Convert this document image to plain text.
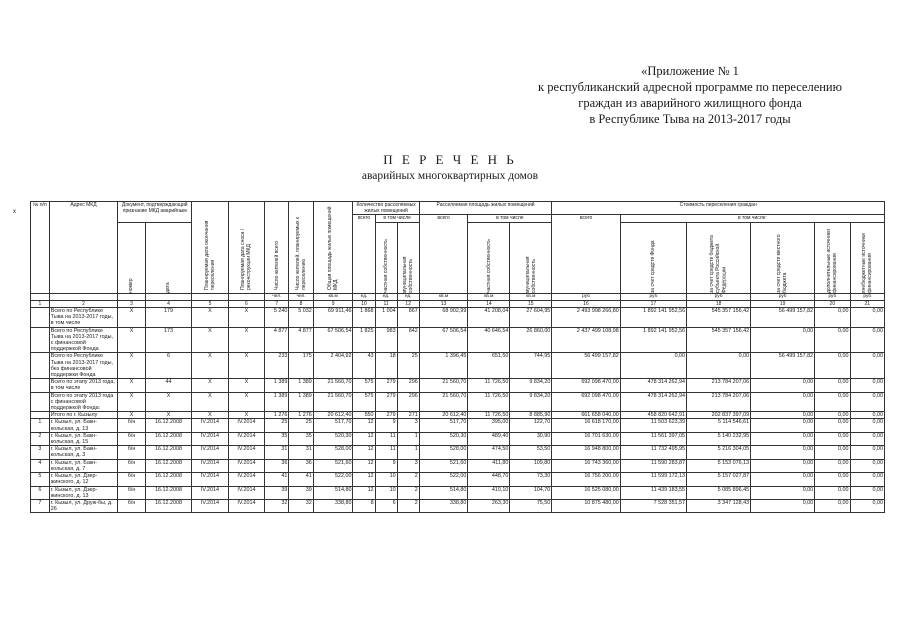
«Приложение № 1
к республиканский адресной программе по переселению
граждан из аварийного жилищного фонда
в Республике Тыва на 2013-2017 годы
П Е Р Е Ч Е Н Ь
аварийных многоквартирных домов
x
№ п/п	Адрес МКД	Документ, подтверждающий признание МКД аварийным		Планируемая дата окончания переселения	Планируемая дата сноса /реконструкции МКД	Число жителей всего	Число жителей, планируемых к переселению	Общая площадь жилых помещений МКД	Количество расселяемых жилых помещений			Расселяемая площадь жилых помещений			Стоимость переселения граждан					
									всего	в том числе		всего	в том числе		всего	в том числе:				

		номер	дата							частная собственность	муниципальная собственность		частная собственность	муниципальная собственность		за счет средств Фонда	за счет средств бюджета субъекта Российской Федерации	за счет средств местного бюджета	дополнительные источники финансирования	внебюджетные источники финансирования

						чел.	чел.	кв.м	ед.	ед.	ед.	кв.м	кв.м	кв.м	руб	руб	руб	руб	руб	руб
1	2	3	4	5	6	7	8	9	10	11	12	13	14	15	16	17	18	19	20	21
	Всего по Республике Тыва на 2013-2017 годы, в том числе	X	179	X	X	5 240	5 032	69 911,46	1 868	1 004	867	68 902,99	41 208,04	27 604,95	2 493 998 266,80	1 892 141 952,56	545 357 156,42	56 499 157,82	0,00	0,00
	Всего по Республике Тыва на 2013-2017 годы, с финансовой поддержкой Фонда	X	173	X	X	4 877	4 877	67 506,54	1 825	983	842	67 506,54	40 646,54	26 860,00	2 437 499 108,98	1 892 141 952,56	545 357 156,42	0,00	0,00	0,00
	Всего по Республике Тыва на 2013-2017 годы, без финансовой поддержки Фонда	X	6	X	X	233	175	2 404,92	43	18	25	1 396,45	651,50	744,95	56 499 157,82	0,00	0,00	56 499 157,82	0,00	0,00
	Всего по этапу 2013 года, в том числе	X	44	X	X	1 389	1 389	21 560,70	575	279	296	21 560,70	11 726,50	9 834,20	692 098 470,00	478 314 262,94	213 784 207,06	0,00	0,00	0,00
	Всего по этапу 2013 года с финансовой поддержкой Фонда:	X	X	X	X	1 389	1 389	21 560,70	575	279	296	21 560,70	11 726,50	9 834,20	692 098 470,00	478 314 262,94	213 784 207,06	0,00	0,00	0,00
	Итого по г. Кызылу	X	X	X	X	1 276	1 276	20 612,40	550	279	271	20 612,40	11 726,50	8 885,90	661 658 040,00	458 820 642,91	202 837 397,09	0,00	0,00	0,00
1	г. Кызыл, ул. Бакн-кольская, д. 13	б/н	16.12.2008	IV.2014	IV.2014	25	25	517,70	12	9	3	517,70	395,00	122,70	16 618 170,00	11 503 623,39	5 114 546,61	0,00	0,00	0,00
2	г. Кызыл, ул. Бакн-кольская, д. 15	б/н	16.12.2008	IV.2014	IV.2014	35	35	520,30	12	11	1	520,30	489,40	30,90	16 701 630,00	11 561 397,05	5 140 232,95	0,00	0,00	0,00
3	г. Кызыл, ул. Бакн-кольская, д. 3	б/н	16.12.2008	IV.2014	IV.2014	31	31	528,00	12	11	1	528,00	474,50	53,50	16 948 800,00	11 732 495,95	5 216 304,05	0,00	0,00	0,00
4	г. Кызыл, ул. Бакн-кольская, д. 7	б/н	16.12.2008	IV.2014	IV.2014	36	36	521,60	12	9	3	521,60	411,80	109,80	16 743 360,00	11 590 283,87	5 153 076,13	0,00	0,00	0,00
5	г. Кызыл, ул. Дзер-жинского, д. 12	б/н	16.12.2008	IV.2014	IV.2014	41	41	522,00	12	10	2	522,00	448,70	73,30	16 756 200,00	11 599 172,13	5 157 027,87	0,00	0,00	0,00
6	г. Кызыл, ул. Дзер-жинского, д. 13	б/н	16.12.2008	IV.2014	IV.2014	39	39	514,80	12	10	2	514,80	410,10	104,70	16 525 080,00	11 439 183,55	5 085 896,45	0,00	0,00	0,00
7	г. Кызыл, ул. Друж-бы, д. 26	б/н	16.12.2008	IV.2014	IV.2014	32	32	338,80	8	6	2	338,80	263,30	75,50	10 875 480,00	7 528 351,57	3 347 128,43	0,00	0,00	0,00
